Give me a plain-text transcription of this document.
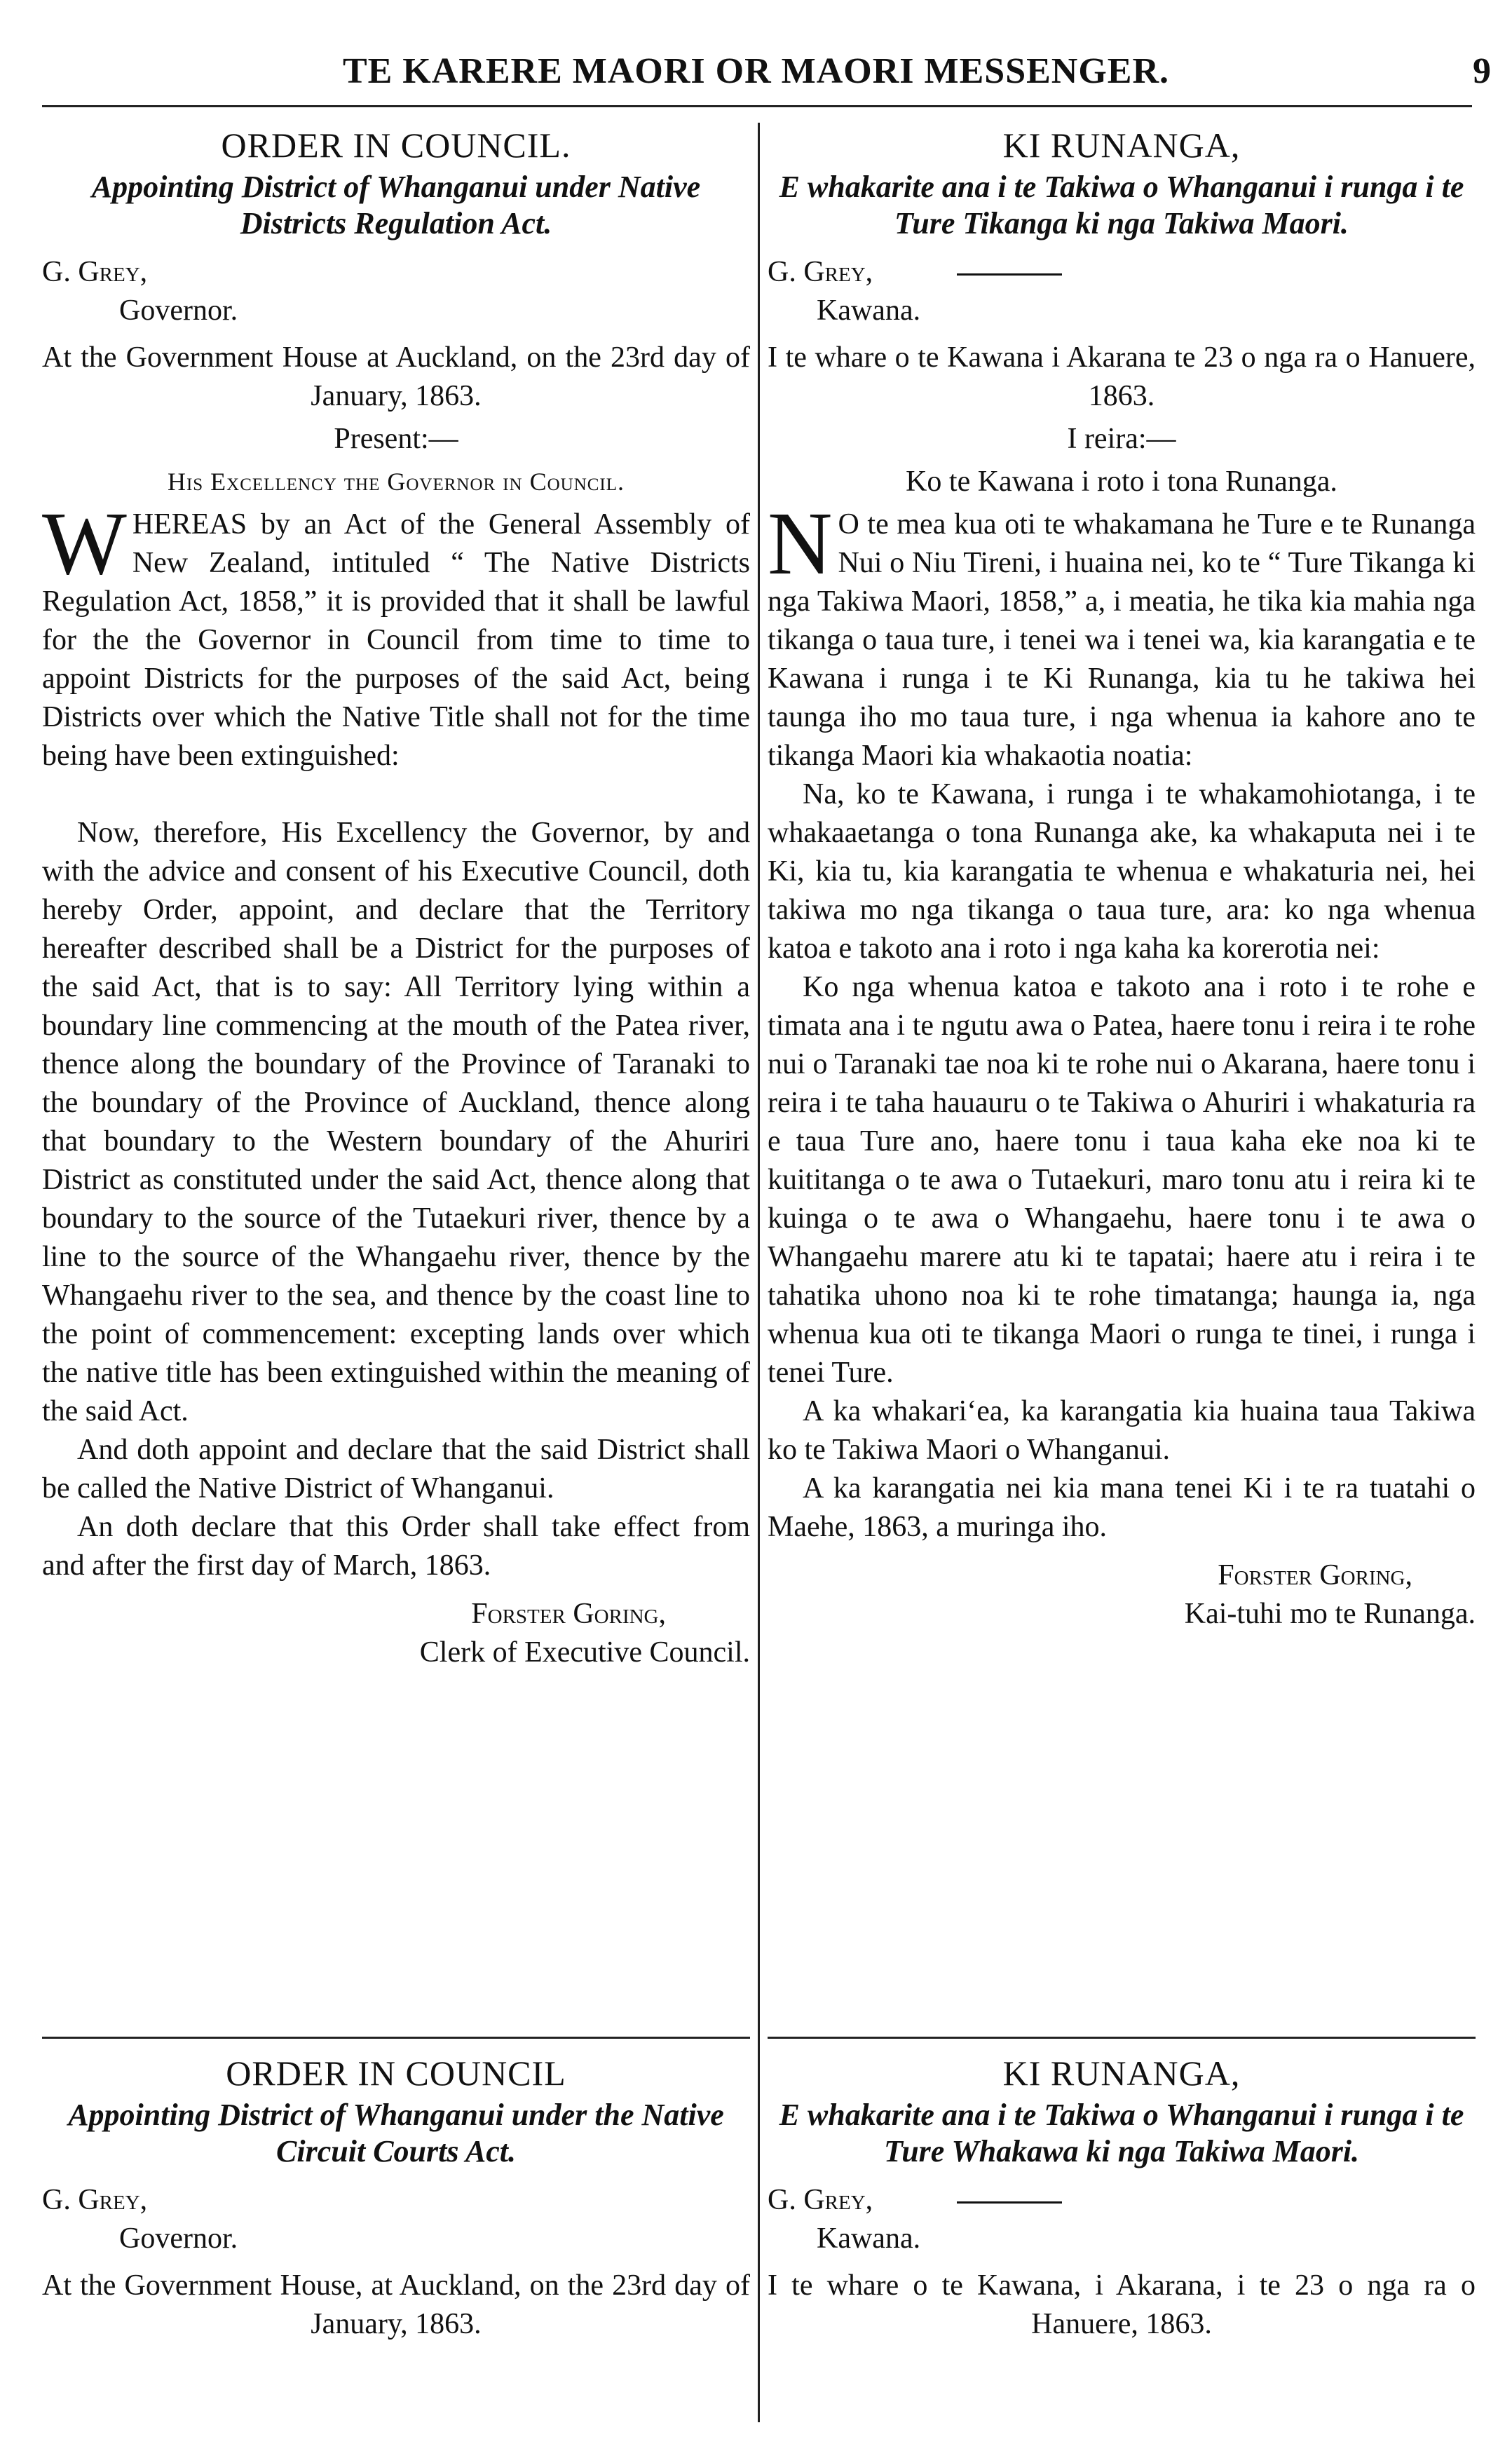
TE KARERE MAORI OR MAORI MESSENGER.	9
ORDER IN COUNCIL.
Appointing District of Whanganui under Native Districts Regulation Act.
G. Grey,
Governor.
At the Government House at Auckland, on the 23rd day of January, 1863.
Present:—
His Excellency the Governor in Council.
WHEREAS by an Act of the General Assembly of New Zealand, intituled “ The Native Districts Regulation Act, 1858,” it is provided that it shall be lawful for the the Governor in Council from time to time to appoint Districts for the purposes of the said Act, being Districts over which the Native Title shall not for the time being have been extinguished:
Now, therefore, His Excellency the Governor, by and with the advice and consent of his Executive Council, doth hereby Order, appoint, and declare that the Territory hereafter described shall be a District for the purposes of the said Act, that is to say: All Territory lying within a boundary line commencing at the mouth of the Patea river, thence along the boundary of the Province of Taranaki to the boundary of the Province of Auckland, thence along that boundary to the Western boundary of the Ahuriri District as constituted under the said Act, thence along that boundary to the source of the Tutaekuri river, thence by a line to the source of the Whangaehu river, thence by the Whangaehu river to the sea, and thence by the coast line to the point of commencement: excepting lands over which the native title has been extinguished within the meaning of the said Act.
And doth appoint and declare that the said District shall be called the Native District of Whanganui.
An doth declare that this Order shall take effect from and after the first day of March, 1863.
Forster Goring,
Clerk of Executive Council.
KI RUNANGA,
E whakarite ana i te Takiwa o Whanganui i runga i te Ture Tikanga ki nga Takiwa Maori.
G. Grey,
Kawana.
I te whare o te Kawana i Akarana te 23 o nga ra o Hanuere, 1863.
I reira:—
Ko te Kawana i roto i tona Runanga.
N O te mea kua oti te whakamana he Ture e te Runanga Nui o Niu Tireni, i huaina nei, ko te “ Ture Tikanga ki nga Takiwa Maori, 1858,” a, i meatia, he tika kia mahia nga tikanga o taua ture, i tenei wa i tenei wa, kia karangatia e te Kawana i runga i te Ki Runanga, kia tu he takiwa hei taunga iho mo taua ture, i nga whenua ia kahore ano te tikanga Maori kia whakaotia noatia:
Na, ko te Kawana, i runga i te whakamohiotanga, i te whakaaetanga o tona Runanga ake, ka whakaputa nei i te Ki, kia tu, kia karangatia te whenua e whakaturia nei, hei takiwa mo nga tikanga o taua ture, ara: ko nga whenua katoa e takoto ana i roto i nga kaha ka korerotia nei:
Ko nga whenua katoa e takoto ana i roto i te rohe e timata ana i te ngutu awa o Patea, haere tonu i reira i te rohe nui o Taranaki tae noa ki te rohe nui o Akarana, haere tonu i reira i te taha hauauru o te Takiwa o Ahuriri i whakaturia ra e taua Ture ano, haere tonu i taua kaha eke noa ki te kuititanga o te awa o Tutaekuri, maro tonu atu i reira ki te kuinga o te awa o Whangaehu, haere tonu i te awa o Whangaehu marere atu ki te tapatai; haere atu i reira i te tahatika uhono noa ki te rohe timatanga; haunga ia, nga whenua kua oti te tikanga Maori o runga te tinei, i runga i tenei Ture.
A ka whakari‘ea, ka karangatia kia huaina taua Takiwa ko te Takiwa Maori o Whanganui.
A ka karangatia nei kia mana tenei Ki i te ra tuatahi o Maehe, 1863, a muringa iho.
Forster Goring,
Kai-tuhi mo te Runanga.
ORDER IN COUNCIL
Appointing District of Whanganui under the Native Circuit Courts Act.
G. Grey,
Governor.
At the Government House, at Auckland, on the 23rd day of January, 1863.
KI RUNANGA,
E whakarite ana i te Takiwa o Whanganui i runga i te Ture Whakawa ki nga Takiwa Maori.
G. Grey,
Kawana.
I te whare o te Kawana, i Akarana, i te 23 o nga ra o Hanuere, 1863.
